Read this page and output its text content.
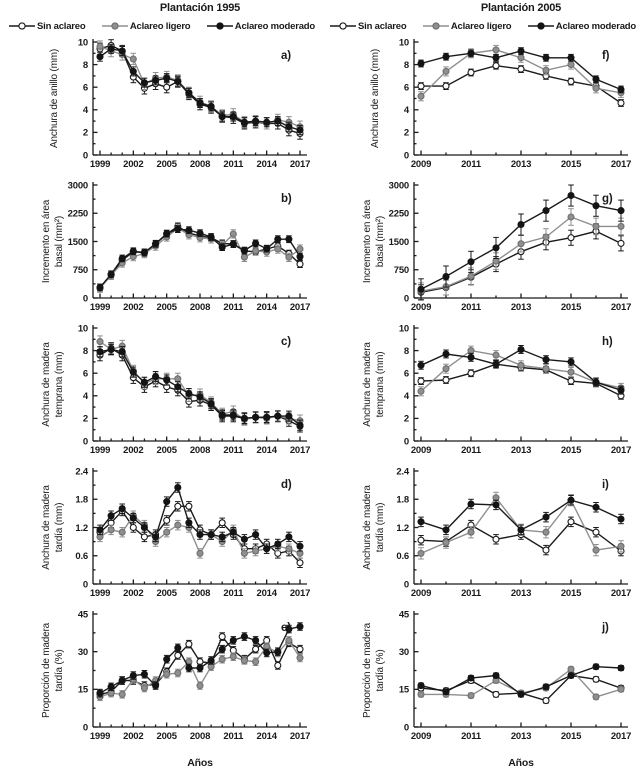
Plantación 1995	Plantación 2005
Sin aclareo	Aclareo ligero	Aclareo moderado	Sin aclareo	Aclareo ligero	Aclareo moderado
0
2
4
6
8
10
1999 2002 2005 2008 2011 2014 2017
a)
Anchura de anillo (mm)
0
2
4
6
8
10
2009	2011	2013	2015	2017
f)
Anchura de anillo (mm)
0
750
1500
2250
3000
1999 2002 2005 2008 2011 2014 2017
b)
Incremento en área basal (mm²)
0
750
1500
2250
3000
2009	2011	2013	2015	2017
g)
Incremento en área basal (mm²)
0
2
4
6
8
10
1999 2002 2005 2008 2011 2014 2017
c)
Anchura de madera temprana (mm)
0
2
4
6
8
10
2009	2011	2013	2015	2017
h)
Anchura de madera temprana (mm)
0
0.6
1.2
1.8
2.4
1999 2002 2005 2008 2011 2014 2017
d)
Anchura de madera tardía (mm)
0
0.6
1.2
1.8
2.4
2009	2011	2013	2015	2017
i)
Anchura de madera tardía (mm)
0
15
30
45
1999 2002 2005 2008 2011 2014 2017
e)
Proporción de madera tardía (%)
Años
0
15
30
45
2009	2011	2013	2015	2017
j)
Proporción de madera tardía (%)
Años
